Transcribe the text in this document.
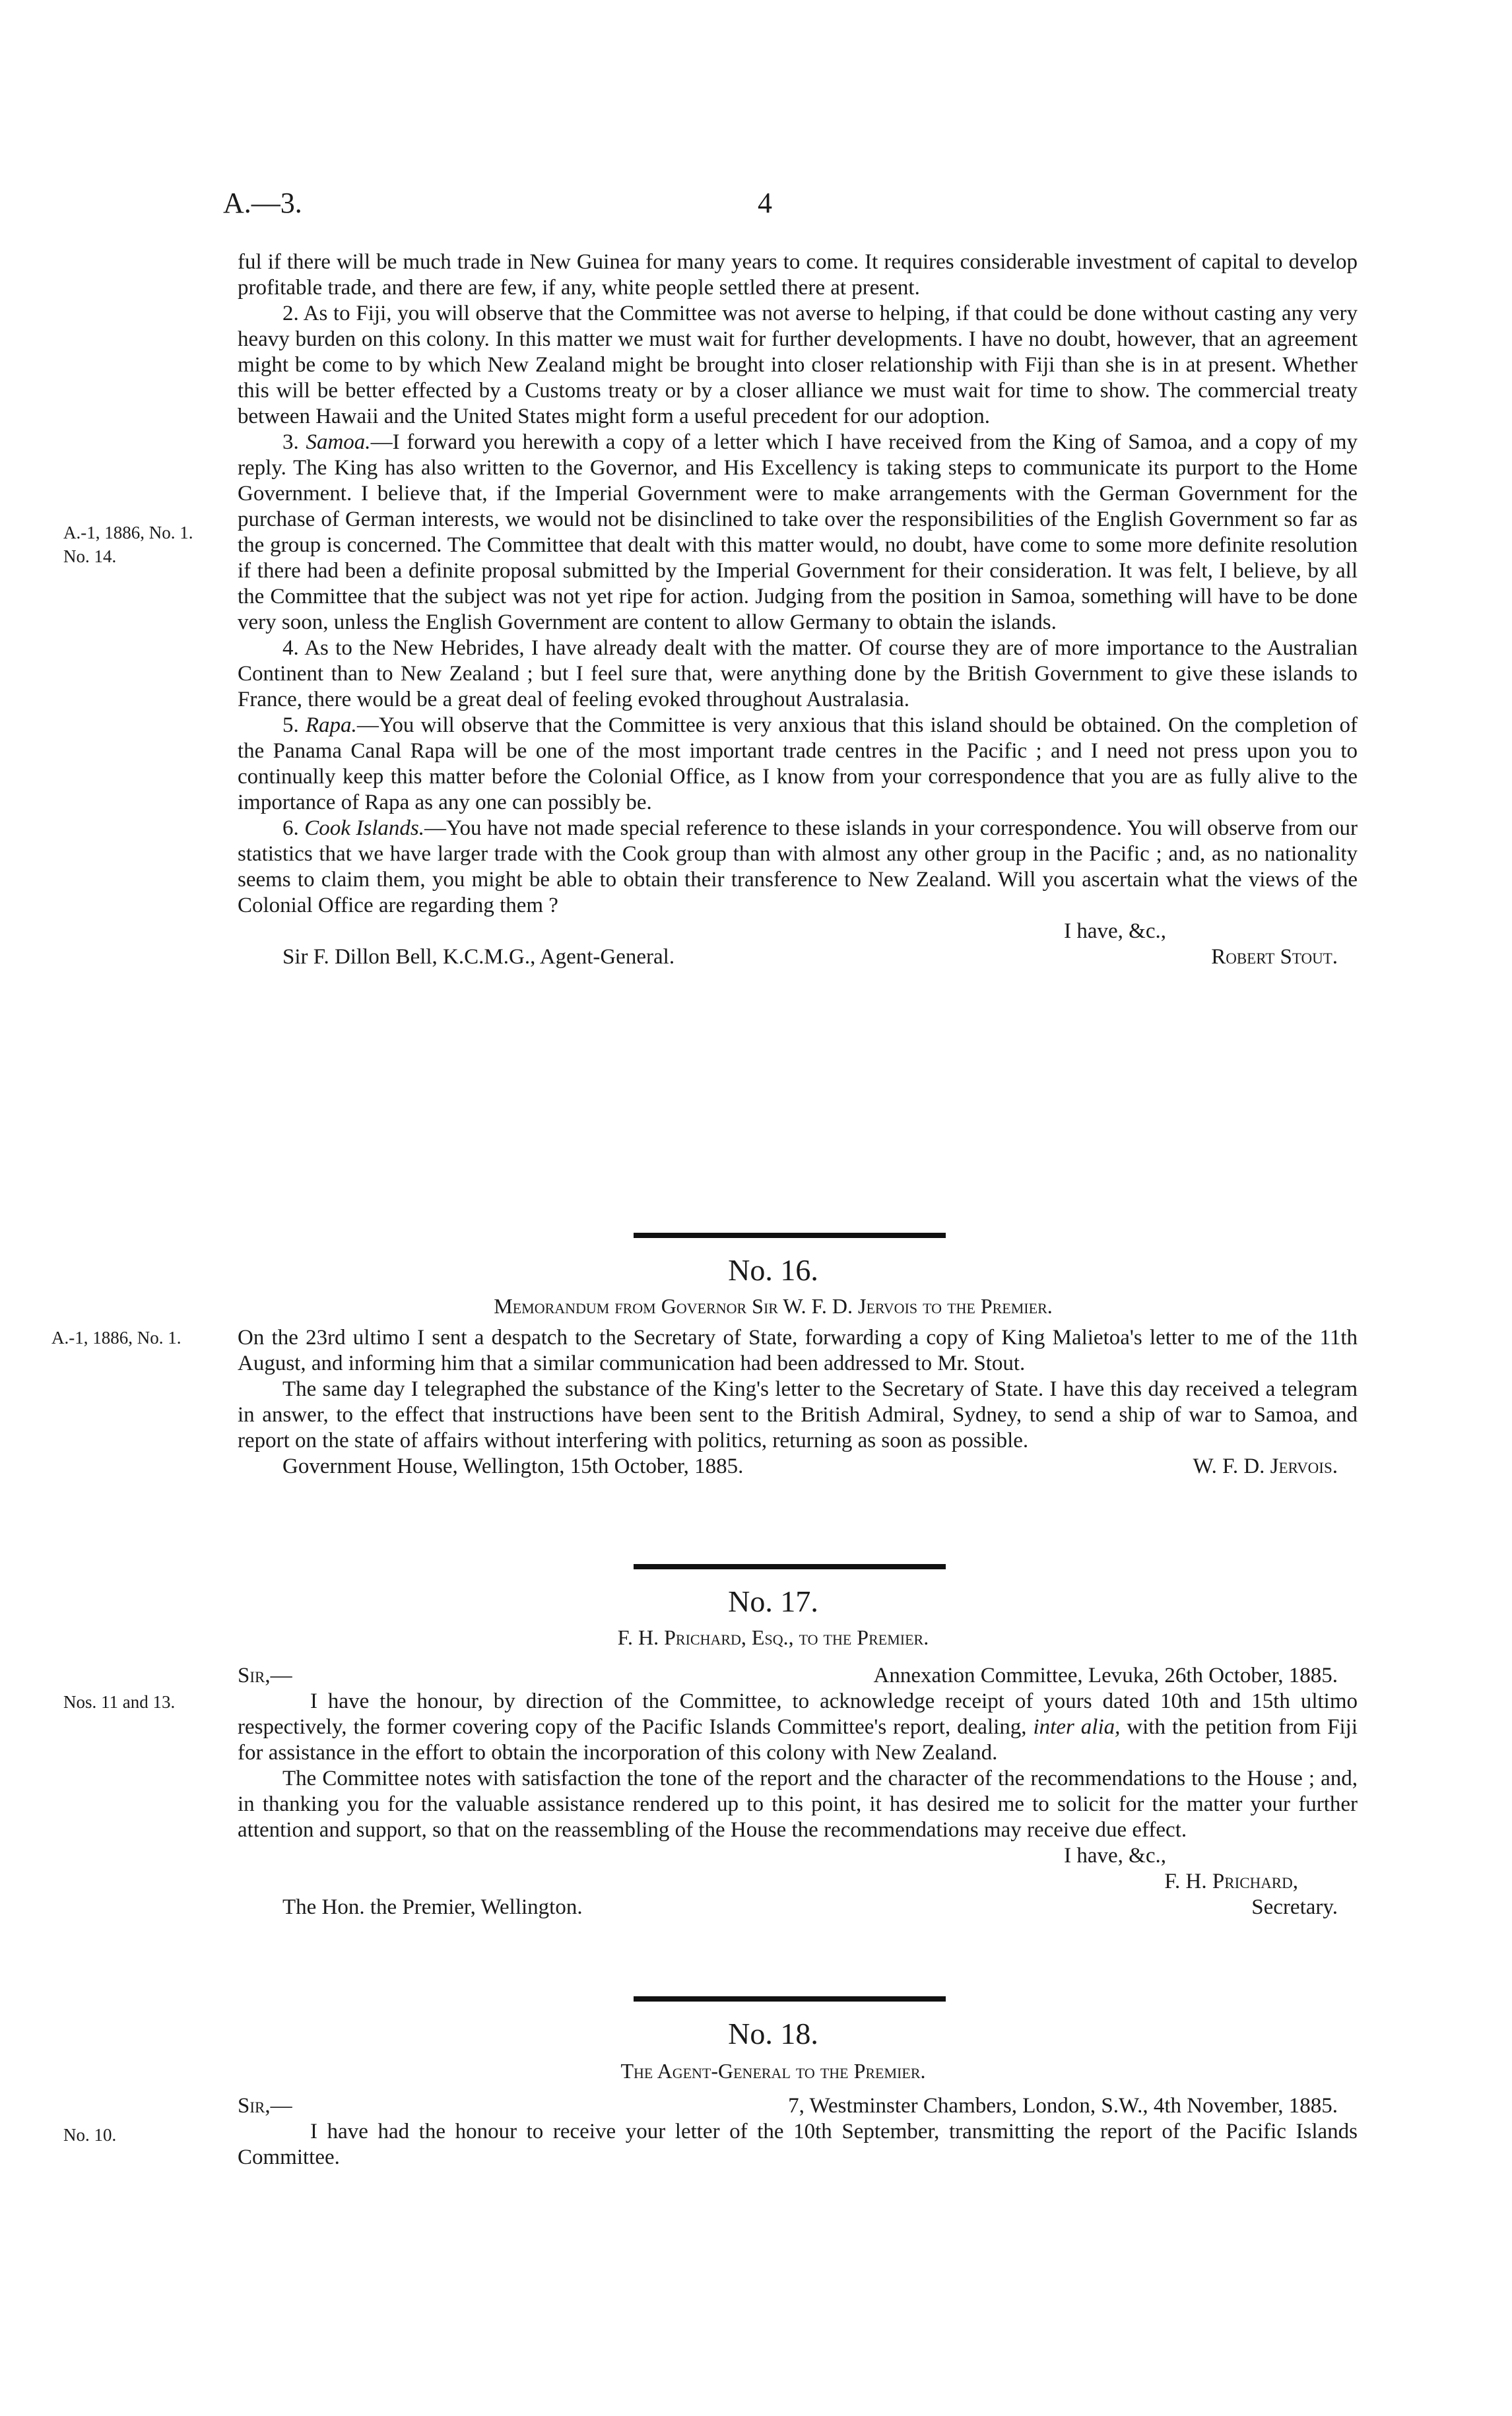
A.—3.	4

ful if there will be much trade in New Guinea for many years to come. It requires considerable investment of capital to develop profitable trade, and there are few, if any, white people settled there at present.

2. As to Fiji, you will observe that the Committee was not averse to helping, if that could be done without casting any very heavy burden on this colony. In this matter we must wait for further developments. I have no doubt, however, that an agreement might be come to by which New Zealand might be brought into closer relationship with Fiji than she is in at present. Whether this will be better effected by a Customs treaty or by a closer alliance we must wait for time to show. The commercial treaty between Hawaii and the United States might form a useful precedent for our adoption.

3. Samoa.—I forward you herewith a copy of a letter which I have received from the King of Samoa, and a copy of my reply. The King has also written to the Governor, and His Excellency is taking steps to communicate its purport to the Home Government. I believe that, if the Imperial Government were to make arrangements with the German Government for the purchase of German interests, we would not be disinclined to take over the responsibilities of the English Government so far as the group is concerned. The Committee that dealt with this matter would, no doubt, have come to some more definite resolution if there had been a definite proposal submitted by the Imperial Government for their consideration. It was felt, I believe, by all the Committee that the subject was not yet ripe for action. Judging from the position in Samoa, something will have to be done very soon, unless the English Government are content to allow Germany to obtain the islands.

4. As to the New Hebrides, I have already dealt with the matter. Of course they are of more importance to the Australian Continent than to New Zealand ; but I feel sure that, were anything done by the British Government to give these islands to France, there would be a great deal of feeling evoked throughout Australasia.

5. Rapa.—You will observe that the Committee is very anxious that this island should be obtained. On the completion of the Panama Canal Rapa will be one of the most important trade centres in the Pacific ; and I need not press upon you to continually keep this matter before the Colonial Office, as I know from your correspondence that you are as fully alive to the importance of Rapa as any one can possibly be.

6. Cook Islands.—You have not made special reference to these islands in your correspondence. You will observe from our statistics that we have larger trade with the Cook group than with almost any other group in the Pacific ; and, as no nationality seems to claim them, you might be able to obtain their transference to New Zealand. Will you ascertain what the views of the Colonial Office are regarding them ?

I have, &c.,
Sir F. Dillon Bell, K.C.M.G., Agent-General.	Robert Stout.
A.-1, 1886, No. 1.
No. 14.
No. 16.
Memorandum from Governor Sir W. F. D. Jervois to the Premier.
A.-1, 1886, No. 1.	On the 23rd ultimo I sent a despatch to the Secretary of State, forwarding a copy of King Malietoa's letter to me of the 11th August, and informing him that a similar communication had been addressed to Mr. Stout.

The same day I telegraphed the substance of the King's letter to the Secretary of State. I have this day received a telegram in answer, to the effect that instructions have been sent to the British Admiral, Sydney, to send a ship of war to Samoa, and report on the state of affairs without interfering with politics, returning as soon as possible.

Government House, Wellington, 15th October, 1885.	W. F. D. Jervois.
No. 17.
F. H. Prichard, Esq., to the Premier.
Nos. 11 and 13.
Sir,—	Annexation Committee, Levuka, 26th October, 1885.

I have the honour, by direction of the Committee, to acknowledge receipt of yours dated 10th and 15th ultimo respectively, the former covering copy of the Pacific Islands Committee's report, dealing, inter alia, with the petition from Fiji for assistance in the effort to obtain the incorporation of this colony with New Zealand.

The Committee notes with satisfaction the tone of the report and the character of the recommendations to the House ; and, in thanking you for the valuable assistance rendered up to this point, it has desired me to solicit for the matter your further attention and support, so that on the reassembling of the House the recommendations may receive due effect.

I have, &c.,
F. H. Prichard,
The Hon. the Premier, Wellington.	Secretary.
No. 18.
The Agent-General to the Premier.
No. 10.
Sir,—	7, Westminster Chambers, London, S.W., 4th November, 1885.

I have had the honour to receive your letter of the 10th September, transmitting the report of the Pacific Islands Committee.
